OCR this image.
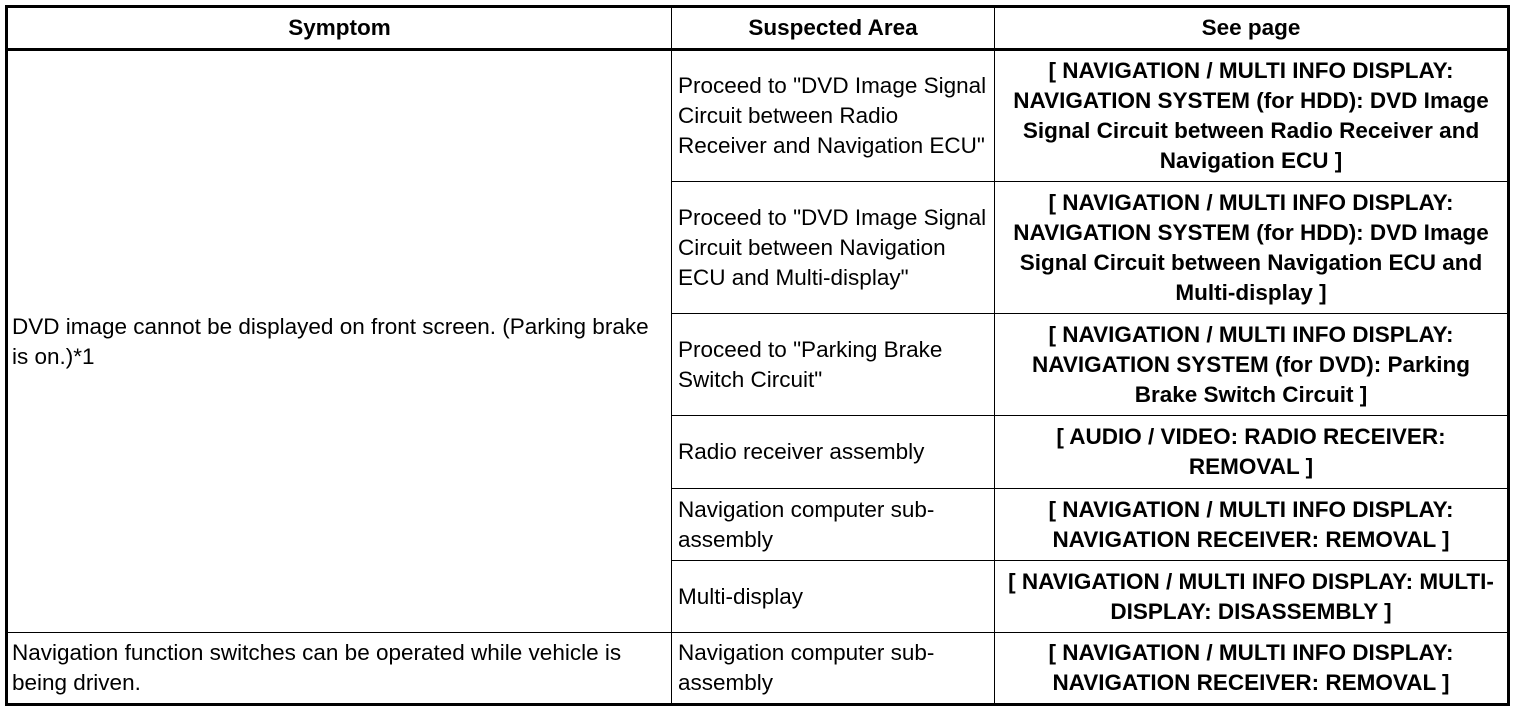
Symptom	Suspected Area	See page
DVD image cannot be displayed on front screen. (Parking brake is on.)*1	Proceed to "DVD Image Signal Circuit between Radio Receiver and Navigation ECU"	[ NAVIGATION / MULTI INFO DISPLAY: NAVIGATION SYSTEM (for HDD): DVD Image Signal Circuit between Radio Receiver and Navigation ECU ]
	Proceed to "DVD Image Signal Circuit between Navigation ECU and Multi-display"	[ NAVIGATION / MULTI INFO DISPLAY: NAVIGATION SYSTEM (for HDD): DVD Image Signal Circuit between Navigation ECU and Multi-display ]
	Proceed to "Parking Brake Switch Circuit"	[ NAVIGATION / MULTI INFO DISPLAY: NAVIGATION SYSTEM (for DVD): Parking Brake Switch Circuit ]
	Radio receiver assembly	[ AUDIO / VIDEO: RADIO RECEIVER: REMOVAL ]
	Navigation computer sub-assembly	[ NAVIGATION / MULTI INFO DISPLAY: NAVIGATION RECEIVER: REMOVAL ]
	Multi-display	[ NAVIGATION / MULTI INFO DISPLAY: MULTI-DISPLAY: DISASSEMBLY ]
Navigation function switches can be operated while vehicle is being driven.	Navigation computer sub-assembly	[ NAVIGATION / MULTI INFO DISPLAY: NAVIGATION RECEIVER: REMOVAL ]
